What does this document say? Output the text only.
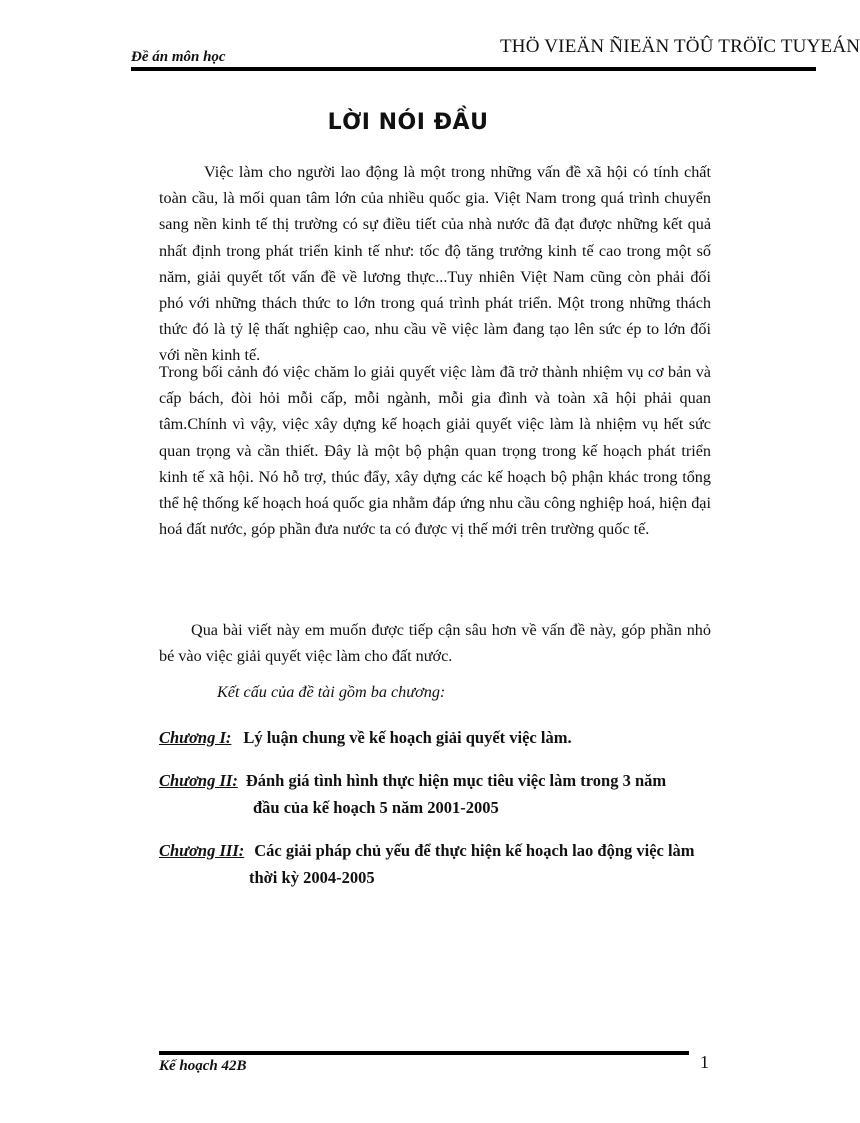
Đề án môn học	THÖ VIEÄN ÑIEÄN TÖÛ TRÖÏC TUYEÁN
LỜI NÓI ĐẦU
Việc làm cho người lao động là một trong những vấn đề xã hội có tính chất toàn cầu, là mối quan tâm lớn của nhiều quốc gia. Việt Nam trong quá trình chuyển sang nền kinh tế thị trường có sự điều tiết của nhà nước đã đạt được những kết quả nhất định trong phát triển kinh tế như: tốc độ tăng trưởng kinh tế cao trong một số năm, giải quyết tốt vấn đề về lương thực...Tuy nhiên Việt Nam cũng còn phải đối phó với những thách thức to lớn trong quá trình phát triển. Một trong những thách thức đó là tỷ lệ thất nghiệp cao, nhu cầu về việc làm đang tạo lên sức ép to lớn đối với nền kinh tế.
Trong bối cảnh đó việc chăm lo giải quyết việc làm đã trở thành nhiệm vụ cơ bản và cấp bách, đòi hỏi mỗi cấp, mỗi ngành, mỗi gia đình và toàn xã hội phải quan tâm.Chính vì vậy, việc xây dựng kế hoạch giải quyết việc làm là nhiệm vụ hết sức quan trọng và cần thiết. Đây là một bộ phận quan trọng trong kế hoạch phát triển kinh tế xã hội. Nó hỗ trợ, thúc đẩy, xây dựng các kế hoạch bộ phận khác trong tổng thể hệ thống kế hoạch hoá quốc gia nhằm đáp ứng nhu cầu công nghiệp hoá, hiện đại hoá đất nước, góp phần đưa nước ta có được vị thế mới trên trường quốc tế.
Qua bài viết này em muốn được tiếp cận sâu hơn về vấn đề này, góp phần nhỏ bé vào việc giải quyết việc làm cho đất nước.
Kết cấu của đề tài gồm ba chương:
Chương I: Lý luận chung về kế hoạch giải quyết việc làm.
Chương II: Đánh giá tình hình thực hiện mục tiêu việc làm trong 3 năm
đầu của kế hoạch 5 năm 2001-2005
Chương III: Các giải pháp chủ yếu để thực hiện kế hoạch lao động việc làm
thời kỳ 2004-2005
Kế hoạch 42B	1
